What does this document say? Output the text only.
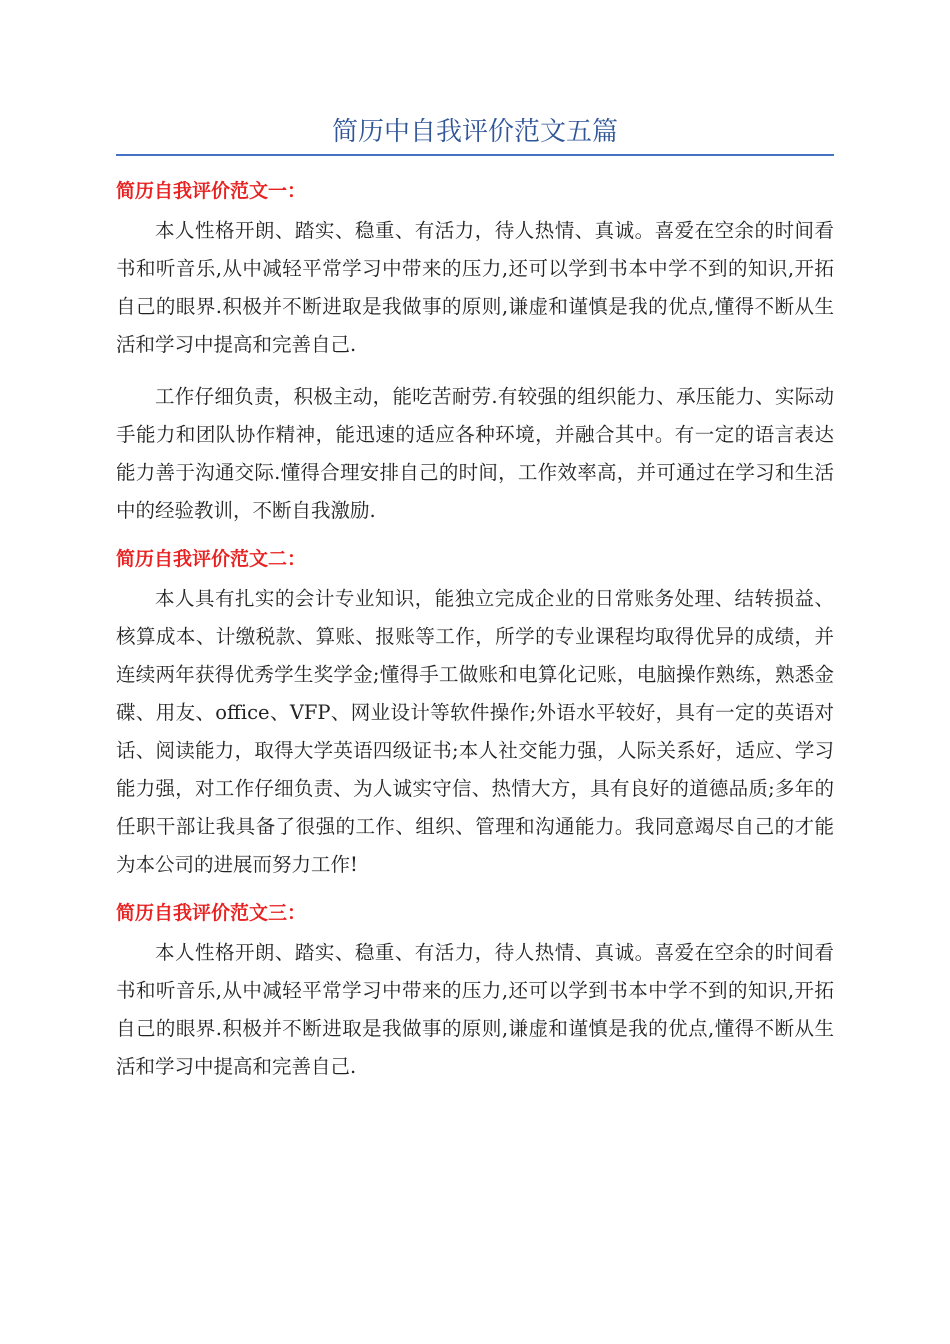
简历中自我评价范文五篇
简历自我评价范文一：

本人性格开朗、踏实、稳重、有活力，待人热情、真诚。喜爱在空余的时间看书和听音乐,从中减轻平常学习中带来的压力,还可以学到书本中学不到的知识,开拓自己的眼界.积极并不断进取是我做事的原则,谦虚和谨慎是我的优点,懂得不断从生活和学习中提高和完善自己.

工作仔细负责，积极主动，能吃苦耐劳.有较强的组织能力、承压能力、实际动手能力和团队协作精神，能迅速的适应各种环境，并融合其中。有一定的语言表达能力善于沟通交际.懂得合理安排自己的时间，工作效率高，并可通过在学习和生活中的经验教训，不断自我激励.

简历自我评价范文二：

本人具有扎实的会计专业知识，能独立完成企业的日常账务处理、结转损益、核算成本、计缴税款、算账、报账等工作，所学的专业课程均取得优异的成绩，并连续两年获得优秀学生奖学金;懂得手工做账和电算化记账，电脑操作熟练，熟悉金碟、用友、office、VFP、网业设计等软件操作;外语水平较好，具有一定的英语对话、阅读能力，取得大学英语四级证书;本人社交能力强，人际关系好，适应、学习能力强，对工作仔细负责、为人诚实守信、热情大方，具有良好的道德品质;多年的任职干部让我具备了很强的工作、组织、管理和沟通能力。我同意竭尽自己的才能为本公司的进展而努力工作!

简历自我评价范文三：

本人性格开朗、踏实、稳重、有活力，待人热情、真诚。喜爱在空余的时间看书和听音乐,从中减轻平常学习中带来的压力,还可以学到书本中学不到的知识,开拓自己的眼界.积极并不断进取是我做事的原则,谦虚和谨慎是我的优点,懂得不断从生活和学习中提高和完善自己.
